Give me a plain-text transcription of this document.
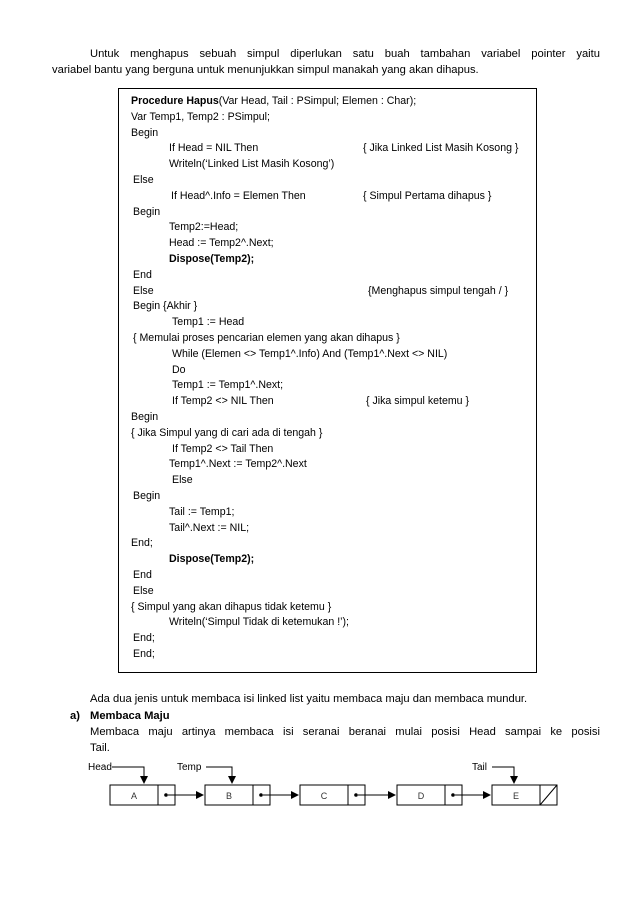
Untuk menghapus sebuah simpul diperlukan satu buah tambahan variabel pointer yaitu
variabel bantu yang berguna untuk menunjukkan simpul manakah yang akan dihapus.
Procedure Hapus(Var Head, Tail : PSimpul; Elemen : Char);
Var Temp1, Temp2 : PSimpul;
Begin
If Head = NIL Then	{ Jika Linked List Masih Kosong }
Writeln(‘Linked List Masih Kosong’)
Else
If Head^.Info = Elemen Then	{ Simpul Pertama dihapus }
Begin
Temp2:=Head;
Head := Temp2^.Next;
Dispose(Temp2);
End
Else	{Menghapus simpul tengah / }
Begin {Akhir }
Temp1 := Head
{ Memulai proses pencarian elemen yang akan dihapus }
While (Elemen <> Temp1^.Info) And (Temp1^.Next <> NIL)
Do
Temp1 := Temp1^.Next;
If Temp2 <> NIL Then	{ Jika simpul ketemu }
Begin
{ Jika Simpul yang di cari ada di tengah }
If Temp2 <> Tail Then
Temp1^.Next := Temp2^.Next
Else
Begin
Tail := Temp1;
Tail^.Next := NIL;
End;
Dispose(Temp2);
End
Else
{ Simpul yang akan dihapus tidak ketemu }
Writeln(‘Simpul Tidak di ketemukan !’);
End;
End;
Ada dua jenis untuk membaca isi linked list yaitu membaca maju dan membaca mundur.
a) Membaca Maju
Membaca maju artinya membaca isi seranai beranai mulai posisi Head sampai ke posisi
Tail.
Head	Temp	Tail
A	B	C	D	E
